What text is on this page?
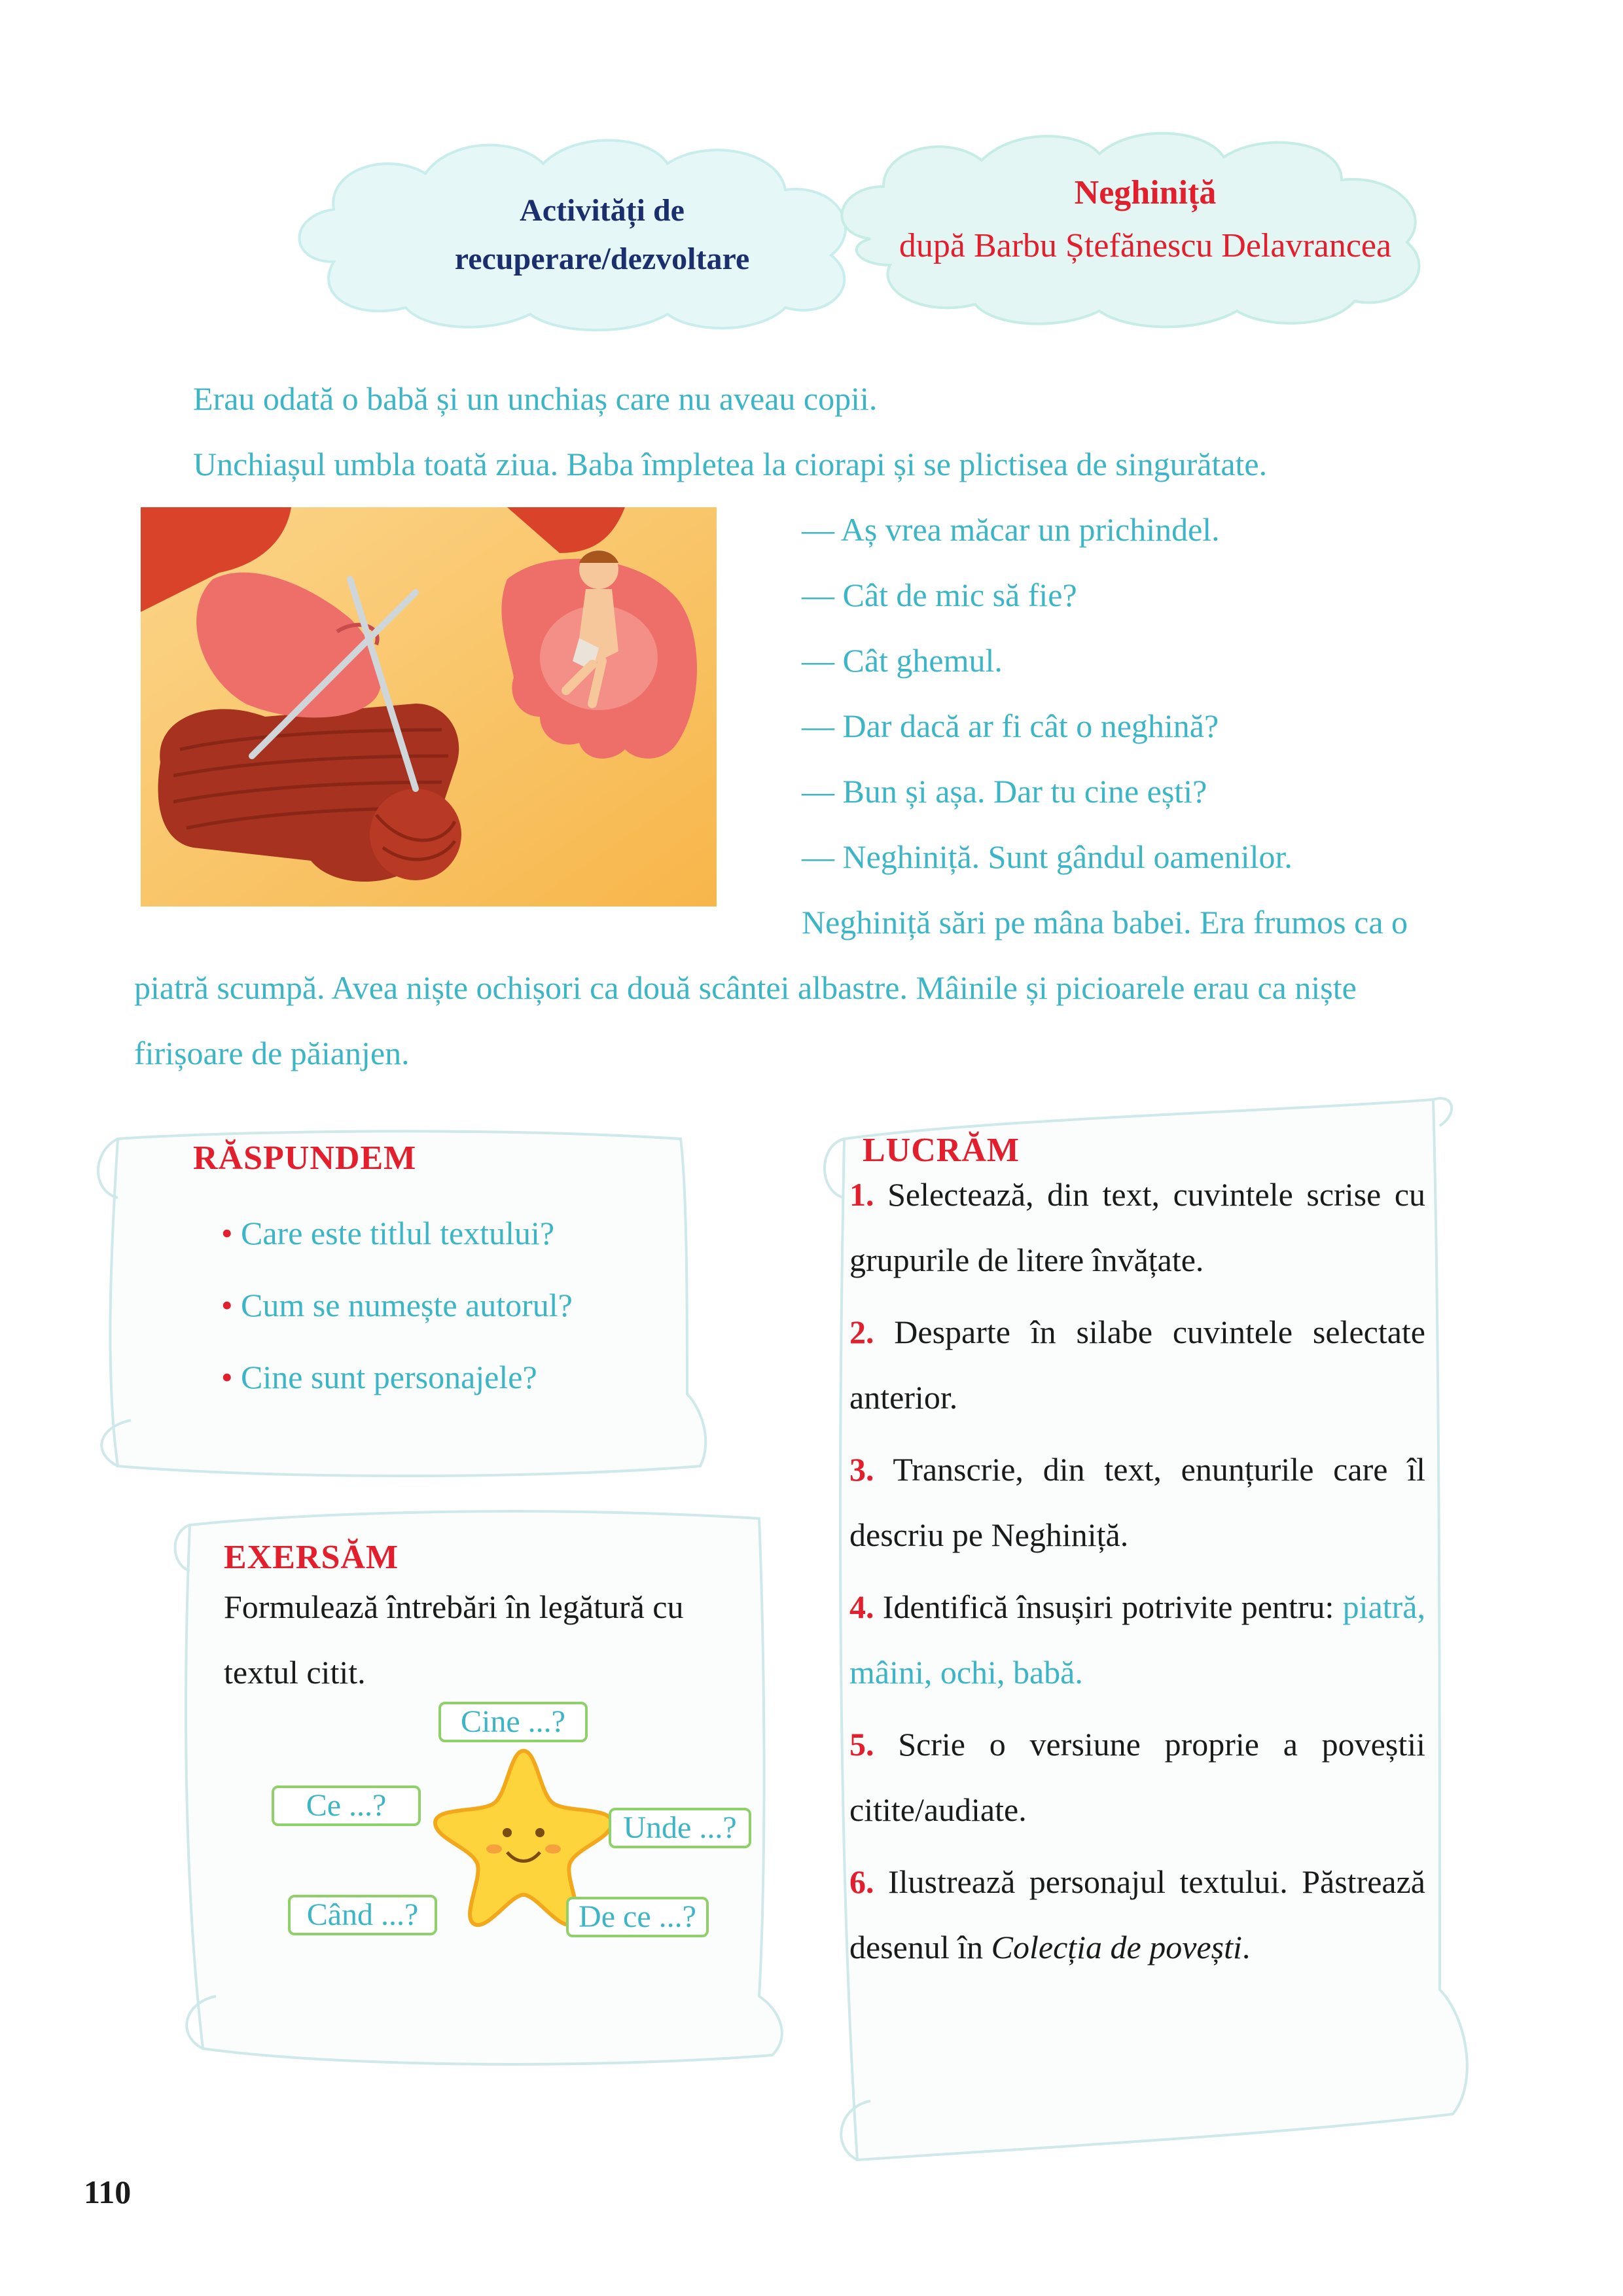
Activități de
recuperare/dezvoltare
Neghiniță
după Barbu Ștefănescu Delavrancea
Erau odată o babă și un unchiaș care nu aveau copii.
Unchiașul umbla toată ziua. Baba împletea la ciorapi și se plictisea de singurătate.
— Aș vrea măcar un prichindel.
— Cât de mic să fie?
— Cât ghemul.
— Dar dacă ar fi cât o neghină?
— Bun și așa. Dar tu cine ești?
— Neghiniță. Sunt gândul oamenilor.
Neghiniță sări pe mâna babei. Era frumos ca o
piatră scumpă. Avea niște ochișori ca două scântei albastre. Mâinile și picioarele erau ca niște
firișoare de păianjen.
RĂSPUNDEM
• Care este titlul textului?
• Cum se numește autorul?
• Cine sunt personajele?
EXERSĂM
Formulează întrebări în legătură cu textul citit.
Cine ...?
Ce ...?
Unde ...?
Când ...?	De ce ...?
LUCRĂM
1. Selectează, din text, cuvintele scrise cu grupurile de litere învățate.
2. Desparte în silabe cuvintele selectate anterior.
3. Transcrie, din text, enunțurile care îl descriu pe Neghiniță.
4. Identifică însușiri potrivite pentru: piatră, mâini, ochi, babă.
5. Scrie o versiune proprie a poveștii citite/audiate.
6. Ilustrează personajul textului. Păstrează desenul în Colecția de povești.
110
